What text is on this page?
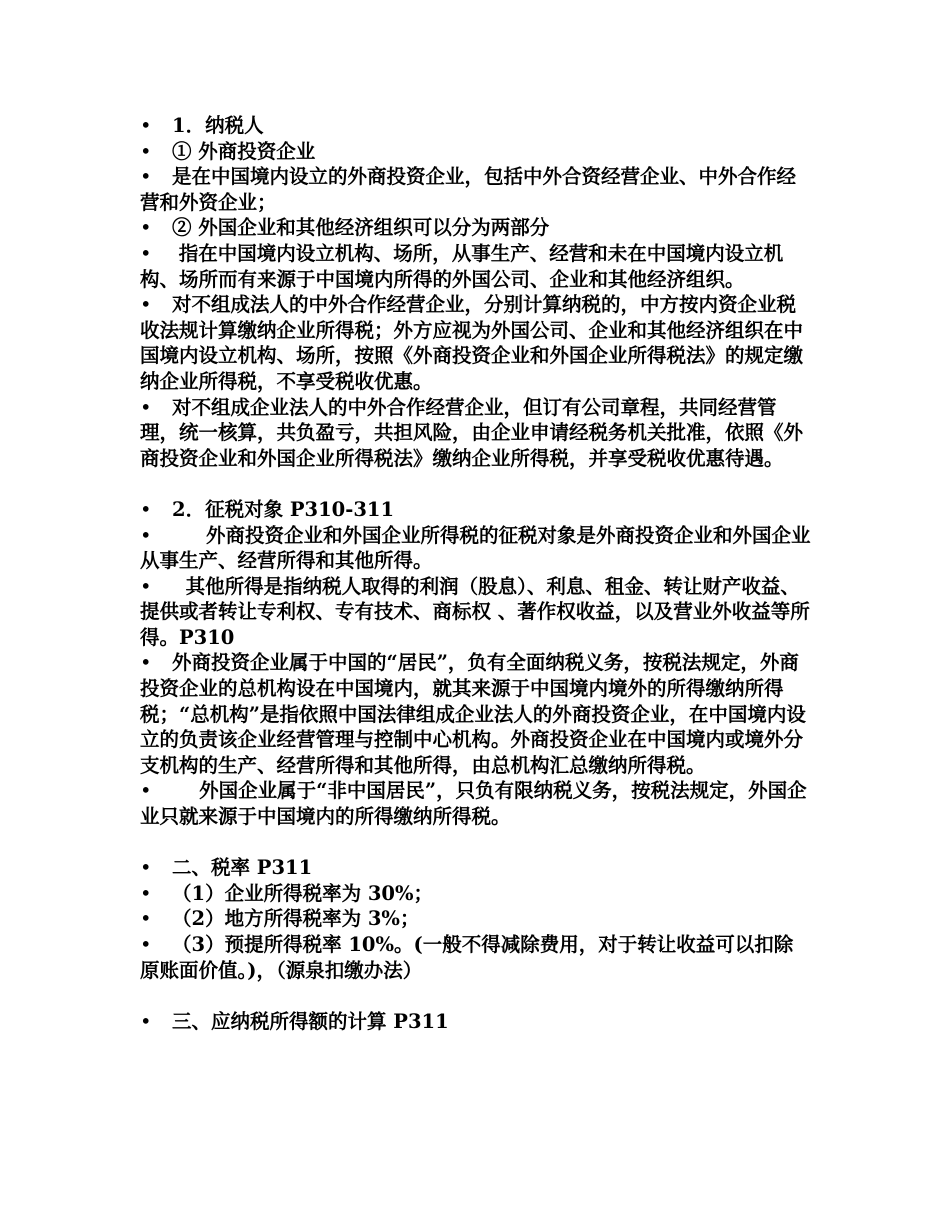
• 1．纳税人

• ① 外商投资企业

• 是在中国境内设立的外商投资企业，包括中外合资经营企业、中外合作经营和外资企业；

• ② 外国企业和其他经济组织可以分为两部分

• 指在中国境内设立机构、场所，从事生产、经营和未在中国境内设立机构、场所而有来源于中国境内所得的外国公司、企业和其他经济组织。

• 对不组成法人的中外合作经营企业，分别计算纳税的，中方按内资企业税收法规计算缴纳企业所得税；外方应视为外国公司、企业和其他经济组织在中国境内设立机构、场所，按照《外商投资企业和外国企业所得税法》的规定缴纳企业所得税，不享受税收优惠。

• 对不组成企业法人的中外合作经营企业，但订有公司章程，共同经营管理，统一核算，共负盈亏，共担风险，由企业申请经税务机关批准，依照《外商投资企业和外国企业所得税法》缴纳企业所得税，并享受税收优惠待遇。

• 2．征税对象 P310-311

•     外商投资企业和外国企业所得税的征税对象是外商投资企业和外国企业从事生产、经营所得和其他所得。

•  其他所得是指纳税人取得的利润（股息）、利息、租金、转让财产收益、提供或者转让专利权、专有技术、商标权 、著作权收益，以及营业外收益等所得。P310

• 外商投资企业属于中国的“居民”，负有全面纳税义务，按税法规定，外商投资企业的总机构设在中国境内，就其来源于中国境内境外的所得缴纳所得税；“总机构”是指依照中国法律组成企业法人的外商投资企业，在中国境内设立的负责该企业经营管理与控制中心机构。外商投资企业在中国境内或境外分支机构的生产、经营所得和其他所得，由总机构汇总缴纳所得税。

•    外国企业属于“非中国居民”，只负有限纳税义务，按税法规定，外国企业只就来源于中国境内的所得缴纳所得税。

• 二、税率 P311

• （1）企业所得税率为 30%；

• （2）地方所得税率为 3%；

• （3）预提所得税率 10%。(一般不得减除费用，对于转让收益可以扣除原账面价值。)，（源泉扣缴办法）

• 三、应纳税所得额的计算 P311
